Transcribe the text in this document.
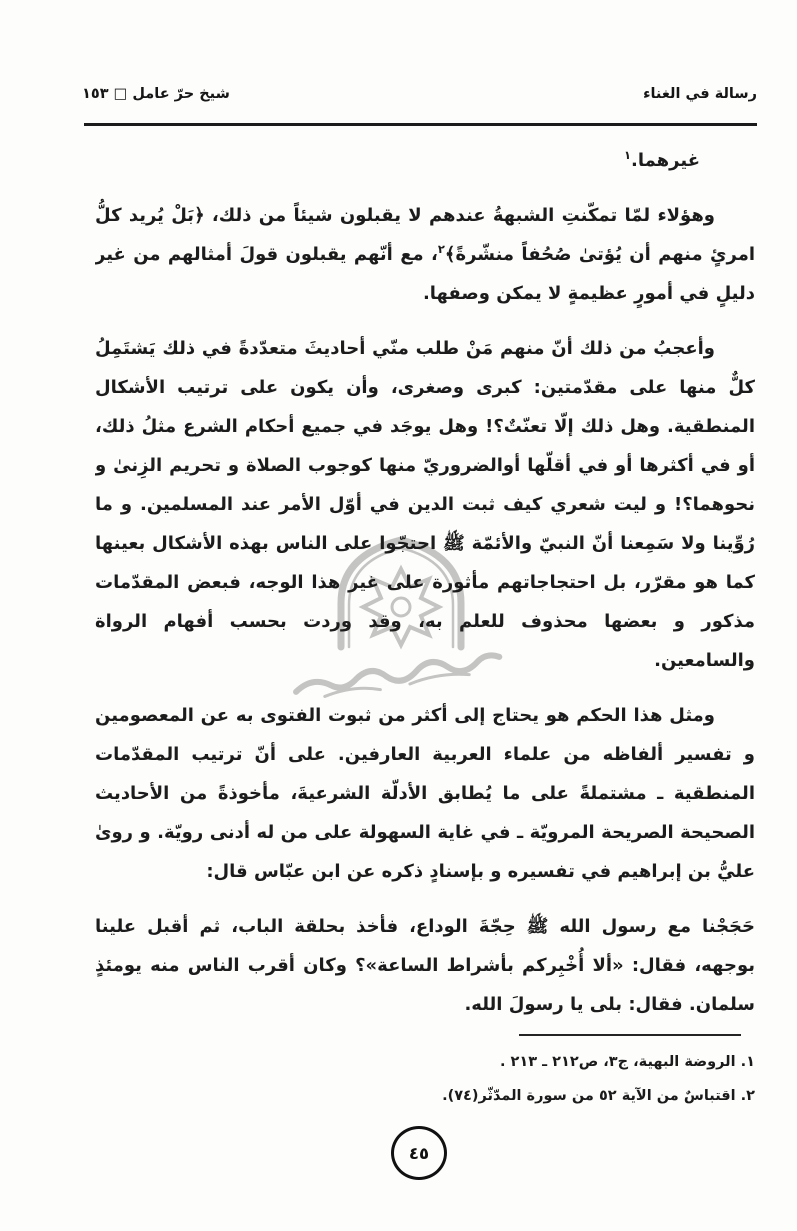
رسالة في الغناء
شيخ حرّ عامل □ ١٥٣

غيرهما.$^١$

وهؤلاء لمّا تمكّنتِ الشبهةُ عندهم لا يقبلون شيئاً من ذلك، ﴿بَلْ يُريد كلُّ امرئٍ منهم أن يُؤتىٰ صُحُفاً منشّرةً﴾$^٢$، مع أنّهم يقبلون قولَ أمثالهم من غير دليلٍ في أمورٍ عظيمةٍ لا يمكن وصفها.

وأعجبُ من ذلك أنّ منهم مَنْ طلب منّي أحاديثَ متعدّدةً في ذلك يَشتَمِلُ كلٌّ منها على مقدّمتين: كبرى وصغرى، وأن يكون على ترتيب الأشكال المنطقية. وهل ذلك إلّا تعنّتٌ؟! وهل يوجَد في جميع أحكام الشرع مثلُ ذلك، أو في أكثرها أو في أقلّها أوالضروريّ منها كوجوب الصلاة و تحريم الزِنىٰ و نحوهما؟! و ليت شعري كيف ثبت الدين في أوّل الأمر عند المسلمين. و ما رُوِّينا ولا سَمِعنا أنّ النبيّ والأئمّة ﷺ احتجّوا على الناس بهذه الأشكال بعينها كما هو مقرّر، بل احتجاجاتهم مأثورة على غير هذا الوجه، فبعض المقدّمات مذكور و بعضها محذوف للعلم به، وقد وردت بحسب أفهام الرواة والسامعين.

ومثل هذا الحكم هو يحتاج إلى أكثر من ثبوت الفتوى به عن المعصومين و تفسير ألفاظه من علماء العربية العارفين. على أنّ ترتيب المقدّمات المنطقية ـ مشتملةً على ما يُطابق الأدلّة الشرعيةَ، مأخوذةً من الأحاديث الصحيحة الصريحة المرويّة ـ في غاية السهولة على من له أدنى رويّة. و روىٰ عليُّ بن إبراهيم في تفسيره و بإسنادٍ ذكره عن ابن عبّاس قال:

حَجَجْنا مع رسول الله ﷺ حِجّةَ الوداع، فأخذ بحلقة الباب، ثم أقبل علينا بوجهه، فقال: «ألا أُخْبِركم بأشراط الساعة»؟ وكان أقرب الناس منه يومئذٍ سلمان. فقال: بلى يا رسولَ الله.

١. الروضة البهية، ج٣، ص٢١٢ ـ ٢١٣ .

٢. اقتباسٌ من الآية ٥٢ من سورة المدّثّر(٧٤).

٤٥
